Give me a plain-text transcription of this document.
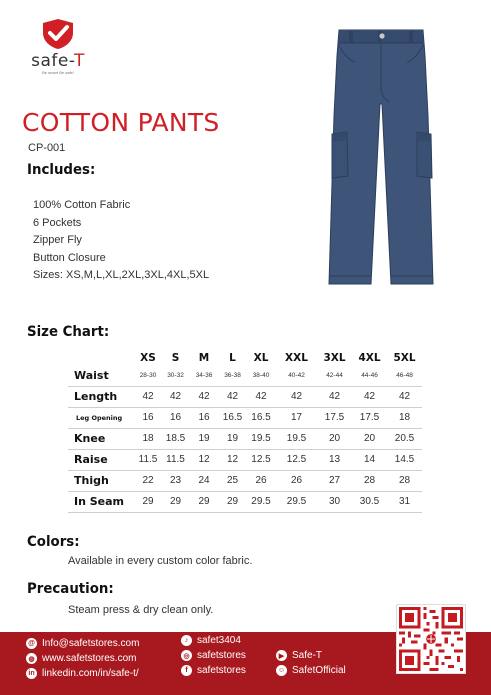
safe-T
Be smart Be safe!
COTTON PANTS
CP-001
Includes:
100% Cotton Fabric
6 Pockets
Zipper Fly
Button Closure
Sizes: XS,M,L,XL,2XL,3XL,4XL,5XL
Size Chart:
	XS	S	M	L	XL	XXL	3XL	4XL	5XL
Waist	28-30	30-32	34-36	36-38	38-40	40-42	42-44	44-46	46-48
Length	42	42	42	42	42	42	42	42	42
Leg Opening	16	16	16	16.5	16.5	17	17.5	17.5	18
Knee	18	18.5	19	19	19.5	19.5	20	20	20.5
Raise	11.5	11.5	12	12	12.5	12.5	13	14	14.5
Thigh	22	23	24	25	26	26	27	28	28
In Seam	29	29	29	29	29.5	29.5	30	30.5	31
Colors:
Available in every custom color fabric.
Precaution:
Steam press & dry clean only.
@ Info@safetstores.com
◍ www.safetstores.com
in linkedin.com/in/safe-t/
♪ safet3404
◎ safetstores
f safetstores
▶ Safe-T
☺ SafetOfficial
